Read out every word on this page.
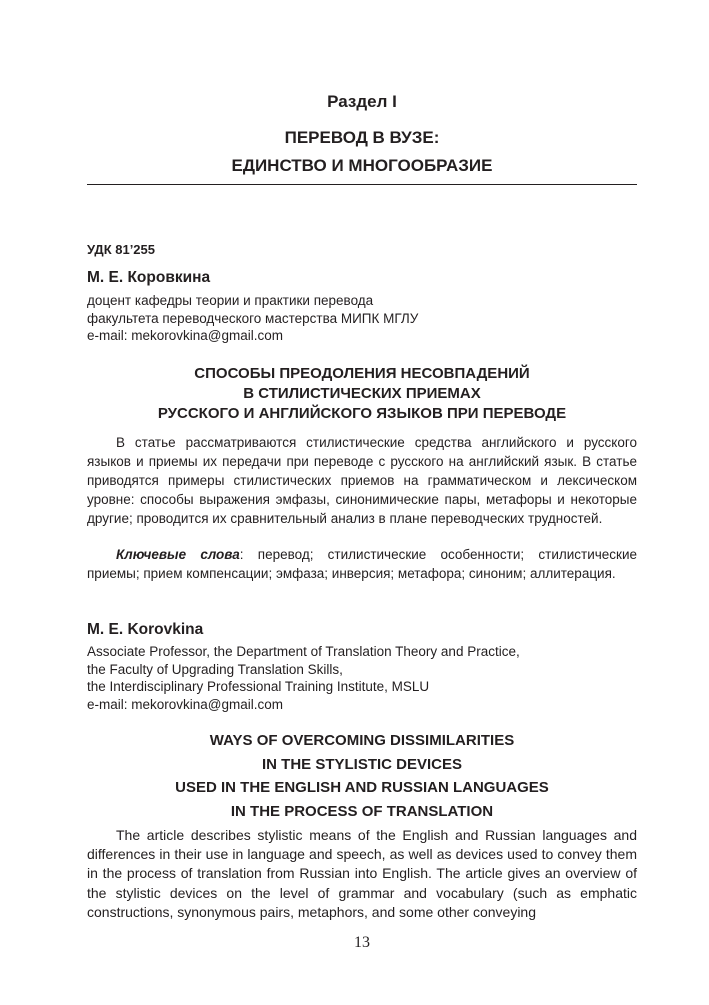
Раздел I
ПЕРЕВОД В ВУЗЕ:
ЕДИНСТВО И МНОГООБРАЗИЕ
УДК 81’255
М. Е. Коровкина
доцент кафедры теории и практики перевода
факультета переводческого мастерства МИПК МГЛУ
e-mail: mekorovkina@gmail.com
СПОСОБЫ ПРЕОДОЛЕНИЯ НЕСОВПАДЕНИЙ
В СТИЛИСТИЧЕСКИХ ПРИЕМАХ
РУССКОГО И АНГЛИЙСКОГО ЯЗЫКОВ ПРИ ПЕРЕВОДЕ

В статье рассматриваются стилистические средства английского и русского языков и приемы их передачи при переводе с русского на английский язык. В статье приводятся примеры стилистических приемов на грамматическом и лексическом уровне: способы выражения эмфазы, синонимические пары, метафоры и некоторые другие; проводится их сравнительный анализ в плане переводческих трудностей.

Ключевые слова: перевод; стилистические особенности; стилистические приемы; прием компенсации; эмфаза; инверсия; метафора; синоним; аллитерация.

M. E. Korovkina
Associate Professor, the Department of Translation Theory and Practice,
the Faculty of Upgrading Translation Skills,
the Interdisciplinary Professional Training Institute, MSLU
e-mail: mekorovkina@gmail.com
WAYS OF OVERCOMING DISSIMILARITIES
IN THE STYLISTIC DEVICES
USED IN THE ENGLISH AND RUSSIAN LANGUAGES
IN THE PROCESS OF TRANSLATION

The article describes stylistic means of the English and Russian languages and differences in their use in language and speech, as well as devices used to convey them in the process of translation from Russian into English. The article gives an overview of the stylistic devices on the level of grammar and vocabulary (such as emphatic constructions, synonymous pairs, metaphors, and some other conveying

13
